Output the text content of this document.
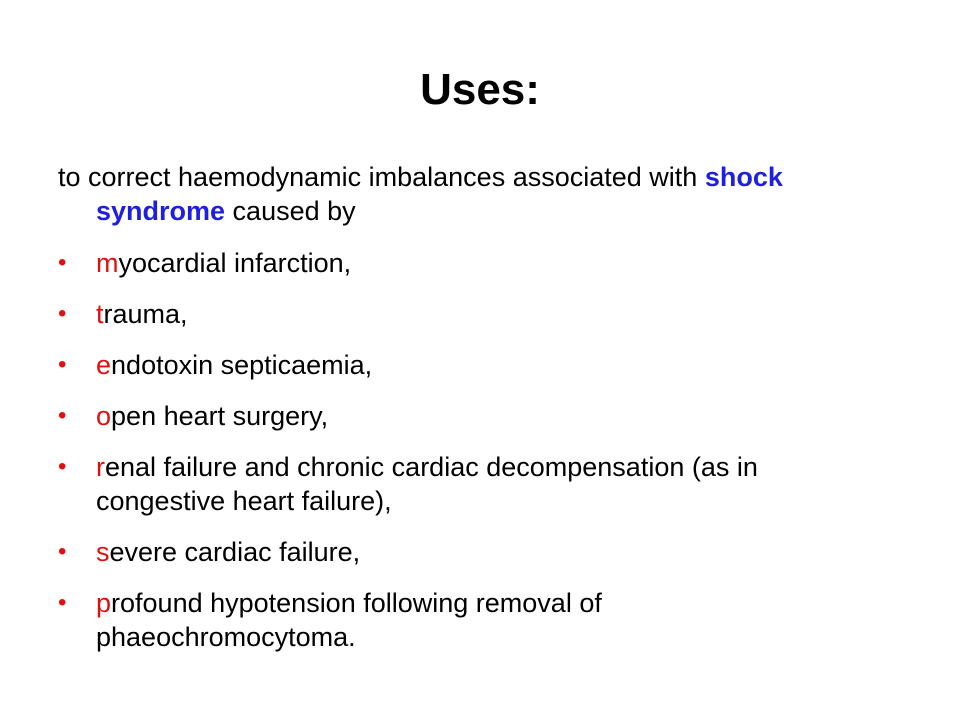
Uses:

to correct haemodynamic imbalances associated with shock syndrome caused by

• myocardial infarction,
• trauma,
• endotoxin septicaemia,
• open heart surgery,
• renal failure and chronic cardiac decompensation (as in congestive heart failure),
• severe cardiac failure,
• profound hypotension following removal of phaeochromocytoma.
